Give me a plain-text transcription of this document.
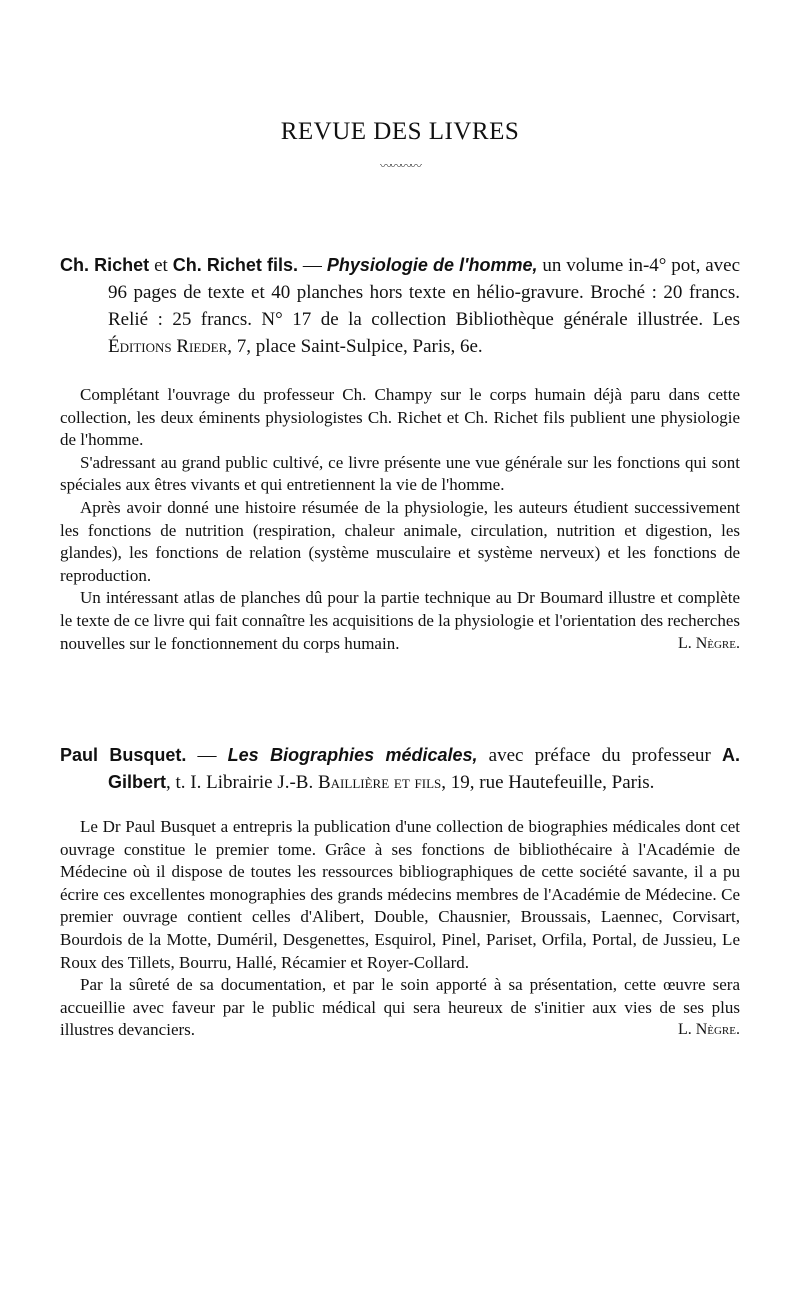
REVUE DES LIVRES
〰〰〰〰
Ch. Richet et Ch. Richet fils. — Physiologie de l'homme, un volume in-4° pot, avec 96 pages de texte et 40 planches hors texte en hélio-gravure. Broché : 20 francs. Relié : 25 francs. N° 17 de la collection Bibliothèque générale illustrée. Les Éditions Rieder, 7, place Saint-Sulpice, Paris, 6e.

Complétant l'ouvrage du professeur Ch. Champy sur le corps humain déjà paru dans cette collection, les deux éminents physiologistes Ch. Richet et Ch. Richet fils publient une physiologie de l'homme.

S'adressant au grand public cultivé, ce livre présente une vue générale sur les fonctions qui sont spéciales aux êtres vivants et qui entretiennent la vie de l'homme.

Après avoir donné une histoire résumée de la physiologie, les auteurs étudient successivement les fonctions de nutrition (respiration, chaleur animale, circulation, nutrition et digestion, les glandes), les fonctions de relation (système musculaire et système nerveux) et les fonctions de reproduction.

Un intéressant atlas de planches dû pour la partie technique au Dr Boumard illustre et complète le texte de ce livre qui fait connaître les acquisitions de la physiologie et l'orientation des recherches nouvelles sur le fonctionnement du corps humain.	L. Nègre.

Paul Busquet. — Les Biographies médicales, avec préface du professeur A. Gilbert, t. I. Librairie J.-B. Baillière et fils, 19, rue Hautefeuille, Paris.

Le Dr Paul Busquet a entrepris la publication d'une collection de biographies médicales dont cet ouvrage constitue le premier tome. Grâce à ses fonctions de bibliothécaire à l'Académie de Médecine où il dispose de toutes les ressources bibliographiques de cette société savante, il a pu écrire ces excellentes monographies des grands médecins membres de l'Académie de Médecine. Ce premier ouvrage contient celles d'Alibert, Double, Chausnier, Broussais, Laennec, Corvisart, Bourdois de la Motte, Duméril, Desgenettes, Esquirol, Pinel, Pariset, Orfila, Portal, de Jussieu, Le Roux des Tillets, Bourru, Hallé, Récamier et Royer-Collard.

Par la sûreté de sa documentation, et par le soin apporté à sa présentation, cette œuvre sera accueillie avec faveur par le public médical qui sera heureux de s'initier aux vies de ses plus illustres devanciers.	L. Nègre.
